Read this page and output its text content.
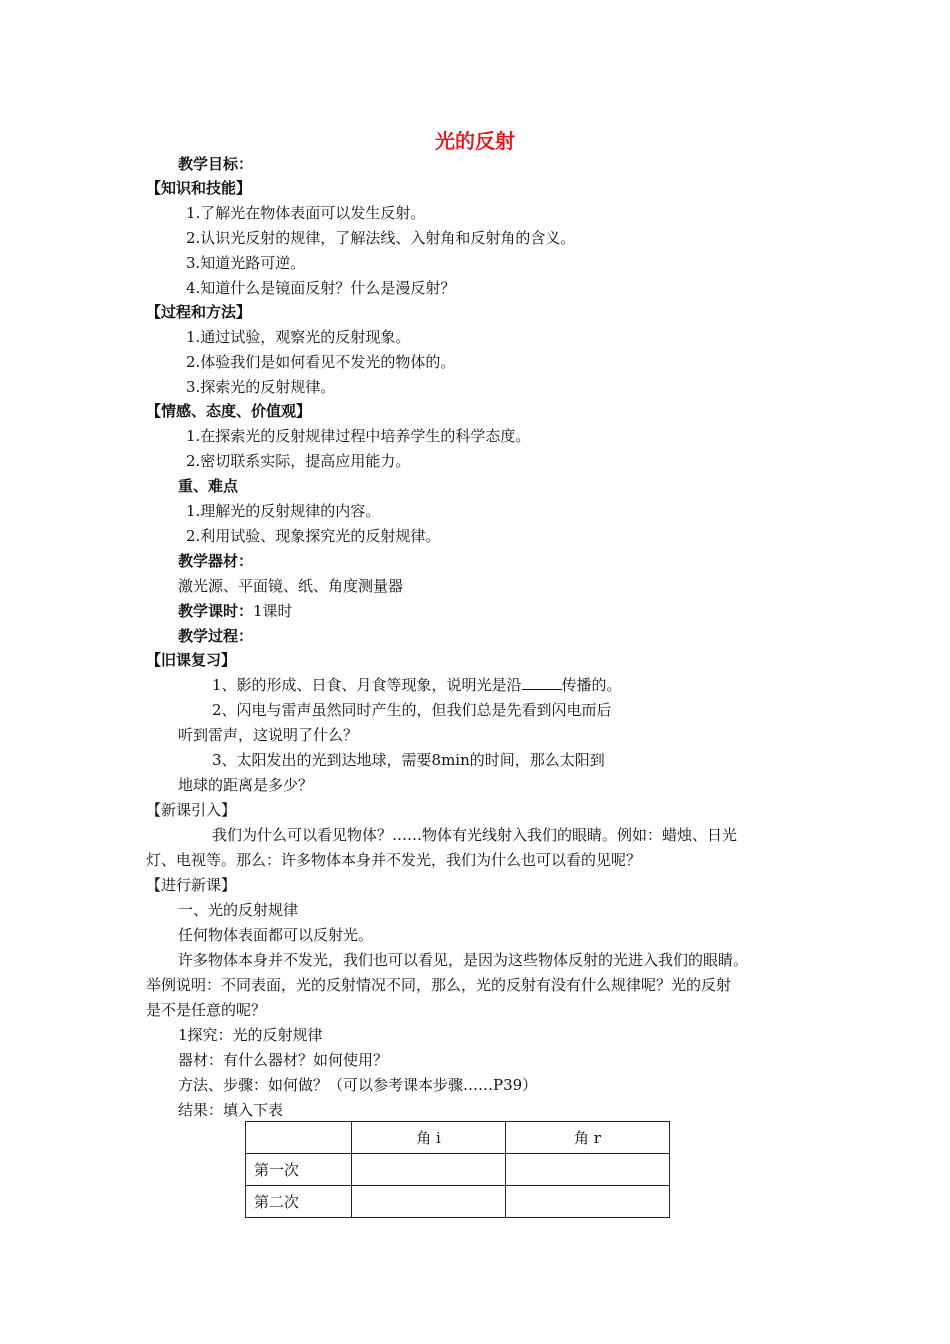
光的反射
教学目标：
【知识和技能】
1.了解光在物体表面可以发生反射。
2.认识光反射的规律，了解法线、入射角和反射角的含义。
3.知道光路可逆。
4.知道什么是镜面反射？什么是漫反射？
【过程和方法】
1.通过试验，观察光的反射现象。
2.体验我们是如何看见不发光的物体的。
3.探索光的反射规律。
【情感、态度、价值观】
1.在探索光的反射规律过程中培养学生的科学态度。
2.密切联系实际，提高应用能力。
重、难点
1.理解光的反射规律的内容。
2.利用试验、现象探究光的反射规律。
教学器材：
激光源、平面镜、纸、角度测量器
教学课时：1课时
教学过程：
【旧课复习】
1、影的形成、日食、月食等现象，说明光是沿	传播的。
2、闪电与雷声虽然同时产生的，但我们总是先看到闪电而后
听到雷声，这说明了什么？
3、太阳发出的光到达地球，需要8min的时间，那么太阳到
地球的距离是多少？
【新课引入】
我们为什么可以看见物体？……物体有光线射入我们的眼睛。例如：蜡烛、日光
灯、电视等。那么：许多物体本身并不发光，我们为什么也可以看的见呢？
【进行新课】
一、光的反射规律
任何物体表面都可以反射光。
许多物体本身并不发光，我们也可以看见，是因为这些物体反射的光进入我们的眼睛。
举例说明：不同表面，光的反射情况不同，那么，光的反射有没有什么规律呢？光的反射
是不是任意的呢？
1探究：光的反射规律
器材：有什么器材？如何使用？
方法、步骤：如何做？（可以参考课本步骤……P39）
结果：填入下表
	角 i	角 r
第一次		
第二次		
